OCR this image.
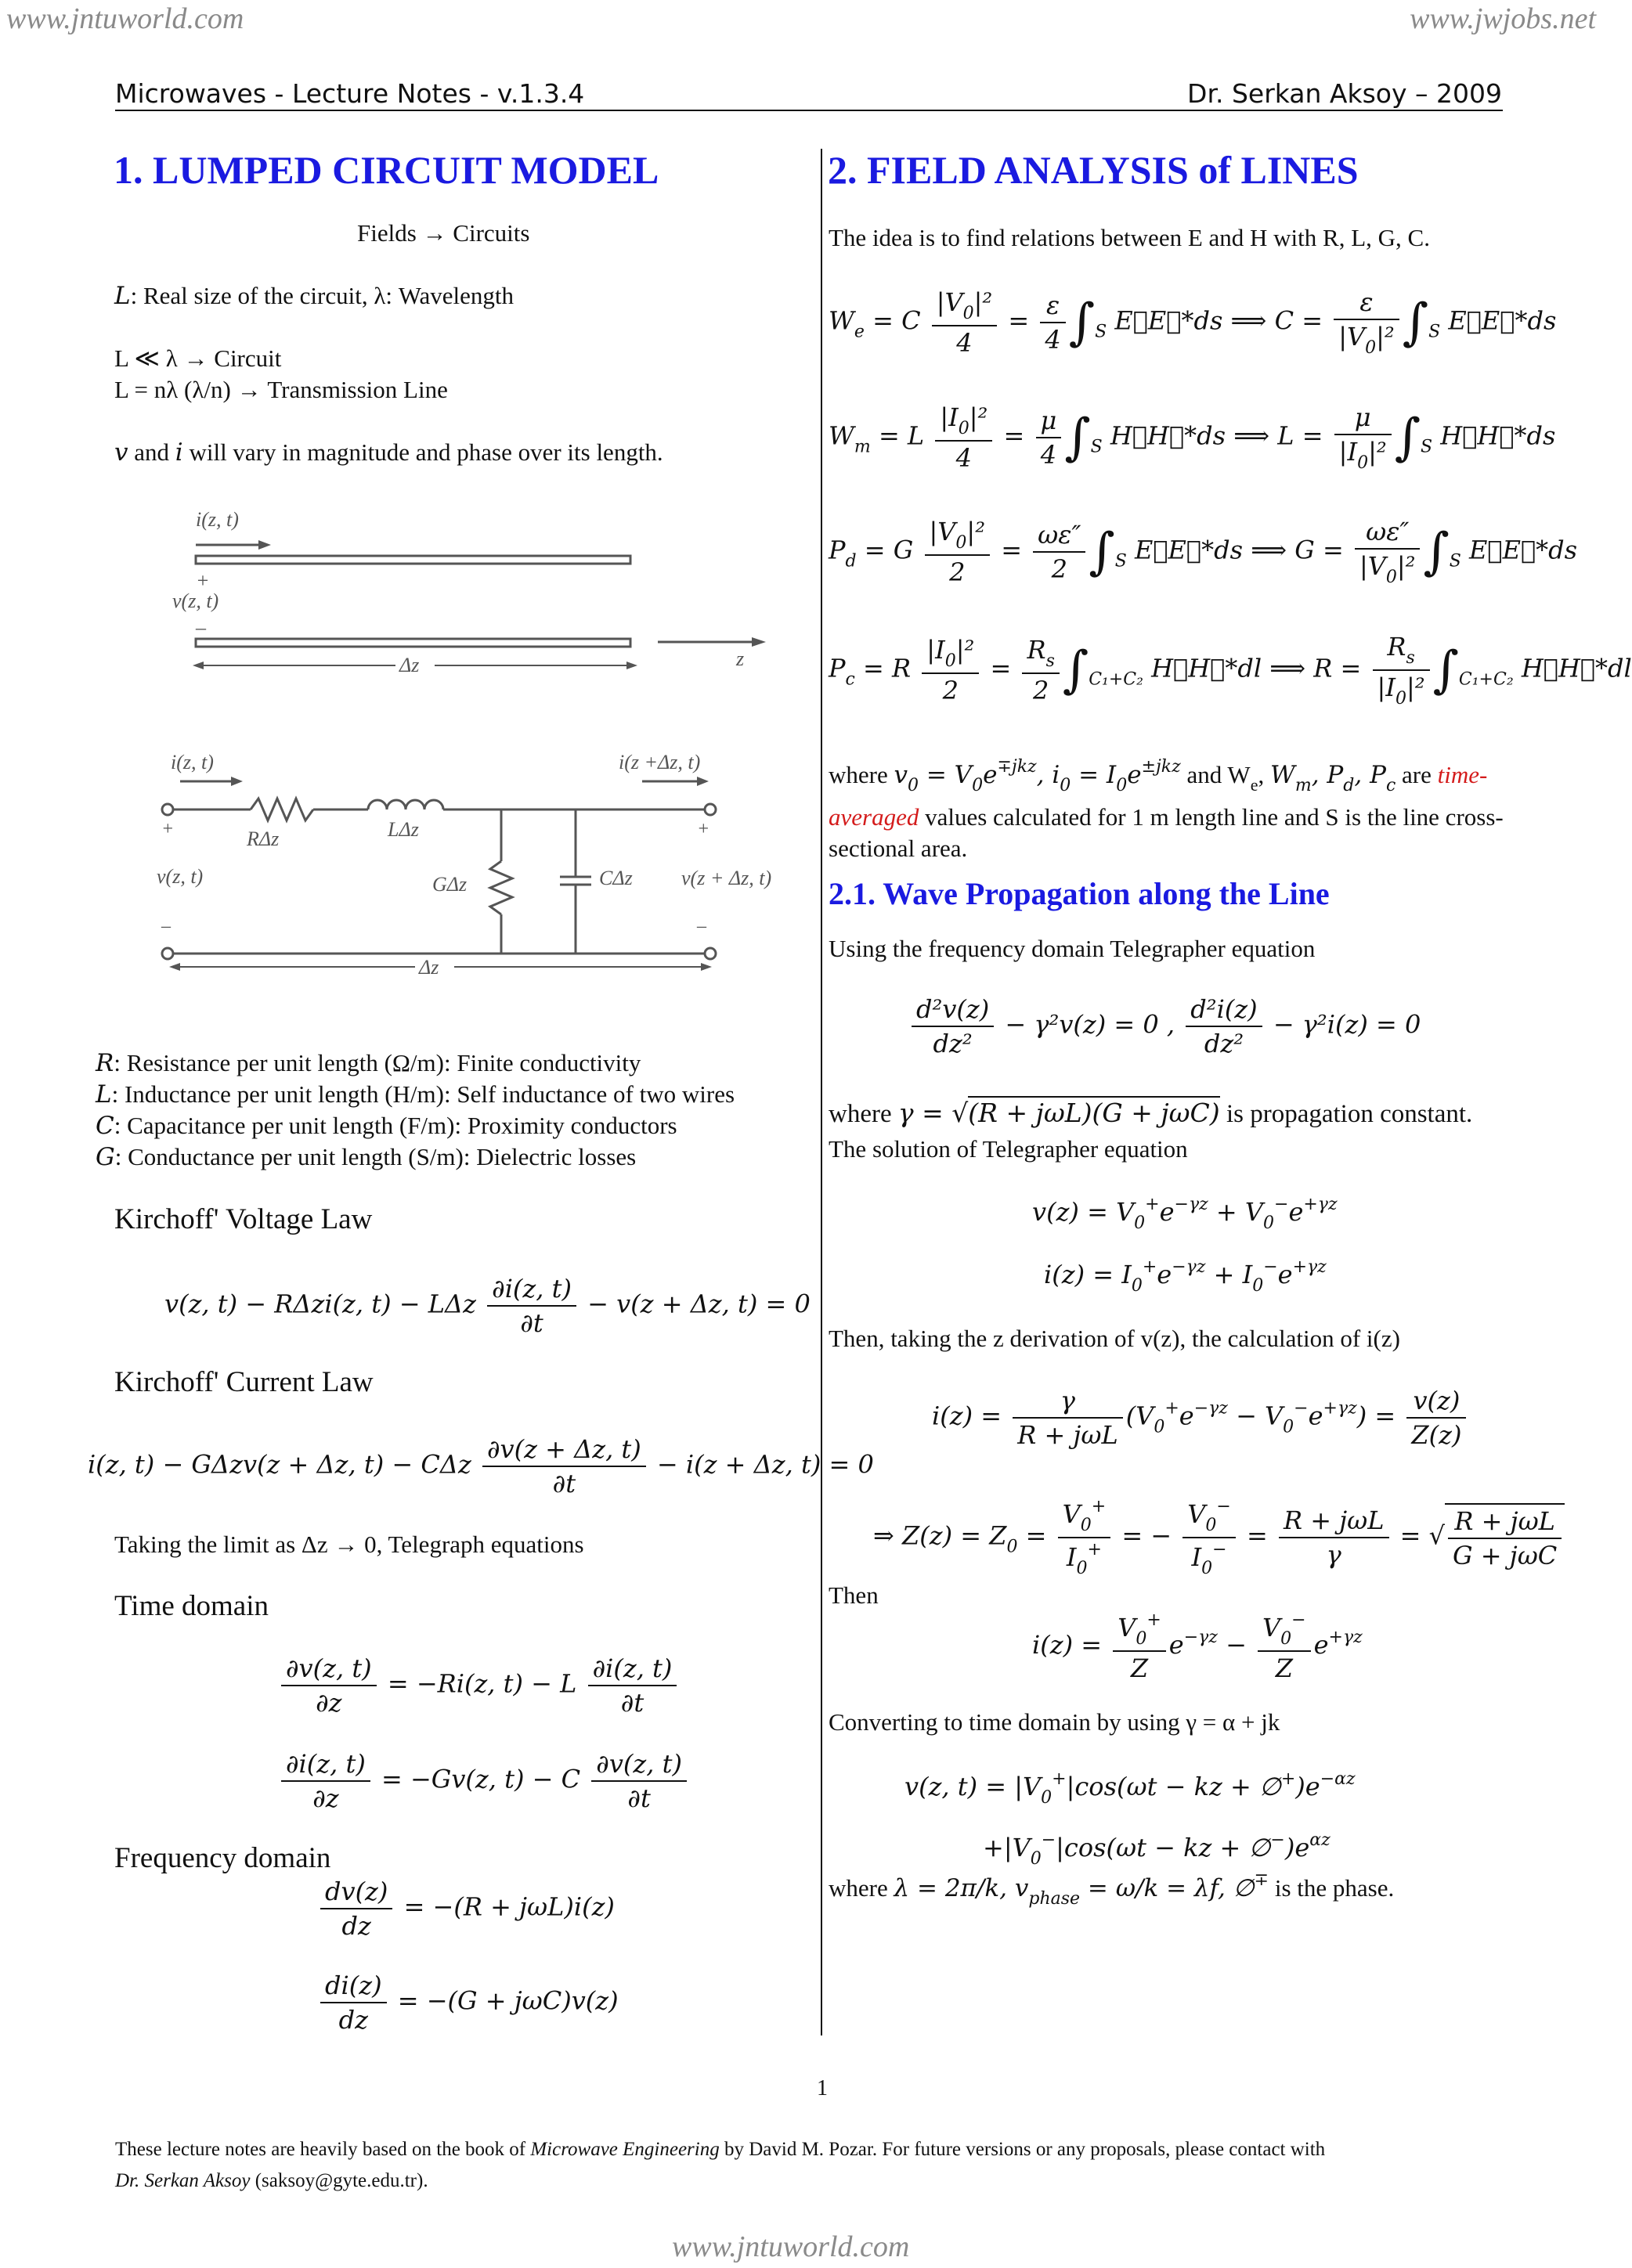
www.jntuworld.com	www.jwjobs.net
www.jntuworld.com
Microwaves - Lecture Notes - v.1.3.4	Dr. Serkan Aksoy – 2009
1. LUMPED CIRCUIT MODEL
Fields → Circuits
L: Real size of the circuit, λ: Wavelength
L ≪ λ → Circuit
L = nλ (λ/n) → Transmission Line
v and i will vary in magnitude and phase over its length.
i(z, t)
+
v(z, t)
–
z
Δz
i(z, t)	i(z +Δz, t)
RΔz	LΔz
+
v(z, t)
+
GΔz	CΔz v(z + Δz, t)
–	–
Δz
R: Resistance per unit length (Ω/m): Finite conductivity
L: Inductance per unit length (H/m): Self inductance of two wires
C: Capacitance per unit length (F/m): Proximity conductors
G: Conductance per unit length (S/m): Dielectric losses
Kirchoff' Voltage Law
v(z, t) − RΔzi(z, t) − LΔz $\frac{\partial i(z, t)}{\partial t} - v(z + \Delta z$, t) = 0
Kirchoff' Current Law
i(z, t) − GΔzv(z + Δz, t) − CΔz $\frac{\partial v(z + \Delta z, t)}{\partial t} - i(z + \Delta z$, t) = 0
Taking the limit as Δz → 0, Telegraph equations
Time domain
$\frac{\partial v(z, t)}{\partial z} = -Ri(z$, t) − L $\frac{\partial i(z, t)}{\partial t}$
$\frac{\partial i(z, t)}{\partial z} = -Gv(z$, t) − C $\frac{\partial v(z, t)}{\partial t}$
Frequency domain
$\frac{dv(z)}{dz} = -(R + j\omega L)i(z)$
$\frac{di(z)}{dz} = -(G + j\omega C)v(z)$
2. FIELD ANALYSIS of LINES
The idea is to find relations between E and H with R, L, G, C.
$W_e = C \frac{|V_0|^2}{4} = \frac{\varepsilon}{4} \int_S$ E⃗E⃗*ds ⟹ $C = \frac{\varepsilon}{|V_0|^2} \int_S$ E⃗E⃗*ds
$W_m = L \frac{|I_0|^2}{4} = \frac{\mu}{4} \int_S$ H⃗H⃗*ds ⟹ $L = \frac{\mu}{|I_0|^2} \int_S$ H⃗H⃗*ds
$P_d = G \frac{|V_0|^2}{2} = \frac{\omega\varepsilon''}{2} \int_S$ E⃗E⃗*ds ⟹ $G = \frac{\omega\varepsilon''}{|V_0|^2} \int_S$ E⃗E⃗*ds
$P_c = R \frac{|I_0|^2}{2} = \frac{R_s}{2} \int_{C_1+C_2}$ H⃗H⃗*dl ⟹ $R = \frac{R_s}{|I_0|^2} \int_{C_1+C_2}$ H⃗H⃗*dl
where $v_0 = V_0e^{\mp jkz}$, $i_0 = I_0e^{\pm jkz}$ and $W_e$, $W_m$, $P_d$, $P_c$ are time-averaged values calculated for 1 m length line and S is the line cross-sectional area.
2.1. Wave Propagation along the Line
Using the frequency domain Telegrapher equation
$\frac{\text{d²v(z)}}{\text{dz²}} - \gamma^2v(z) = 0$ , $\frac{\text{d²i(z)}}{\text{dz²}} - \gamma^2i(z) = 0$
where γ = √(R + jωL)(G + jωC) is propagation constant.
The solution of Telegrapher equation
$v(z) = V_0^+e^{-\gamma z} + V_0^-e^{+\gamma z}$
$i(z) = I_0^+e^{-\gamma z} + I_0^-e^{+\gamma z}$
Then, taking the z derivation of v(z), the calculation of i(z)
i(z) =
γ
R + jωL
$(V_0^+e^{-\gamma z} - V_0^-e^{+\gamma z}) = \frac{v(z)}{Z(z)}$
⇒ $Z(z) = Z_0 = \frac{V_0^+}{I_0^+}$ = − $\frac{V_0^-}{I_0^-}$ =
R + jωL
γ
= √ R + jωL
G + jωC
Then
$i(z) = \frac{V_0^+}{Z} e^{-\gamma z} - \frac{V_0^-}{Z} e^{+\gamma z}$
Converting to time domain by using γ = α + jk
v(z, $t) = |V_0^+|\cos(\omega t$ − kz + $\emptyset^+)e^{-\alpha z}$
$+|V_0^-|\cos(\omega t$ − kz + $\emptyset^-)e^{\alpha z}$
where λ = 2π/k, $v_{phase} = \omega/k = \lambda f$, ∅∓ is the phase.
1
These lecture notes are heavily based on the book of Microwave Engineering by David M. Pozar. For future versions or any proposals, please contact with
Dr. Serkan Aksoy (saksoy@gyte.edu.tr).
